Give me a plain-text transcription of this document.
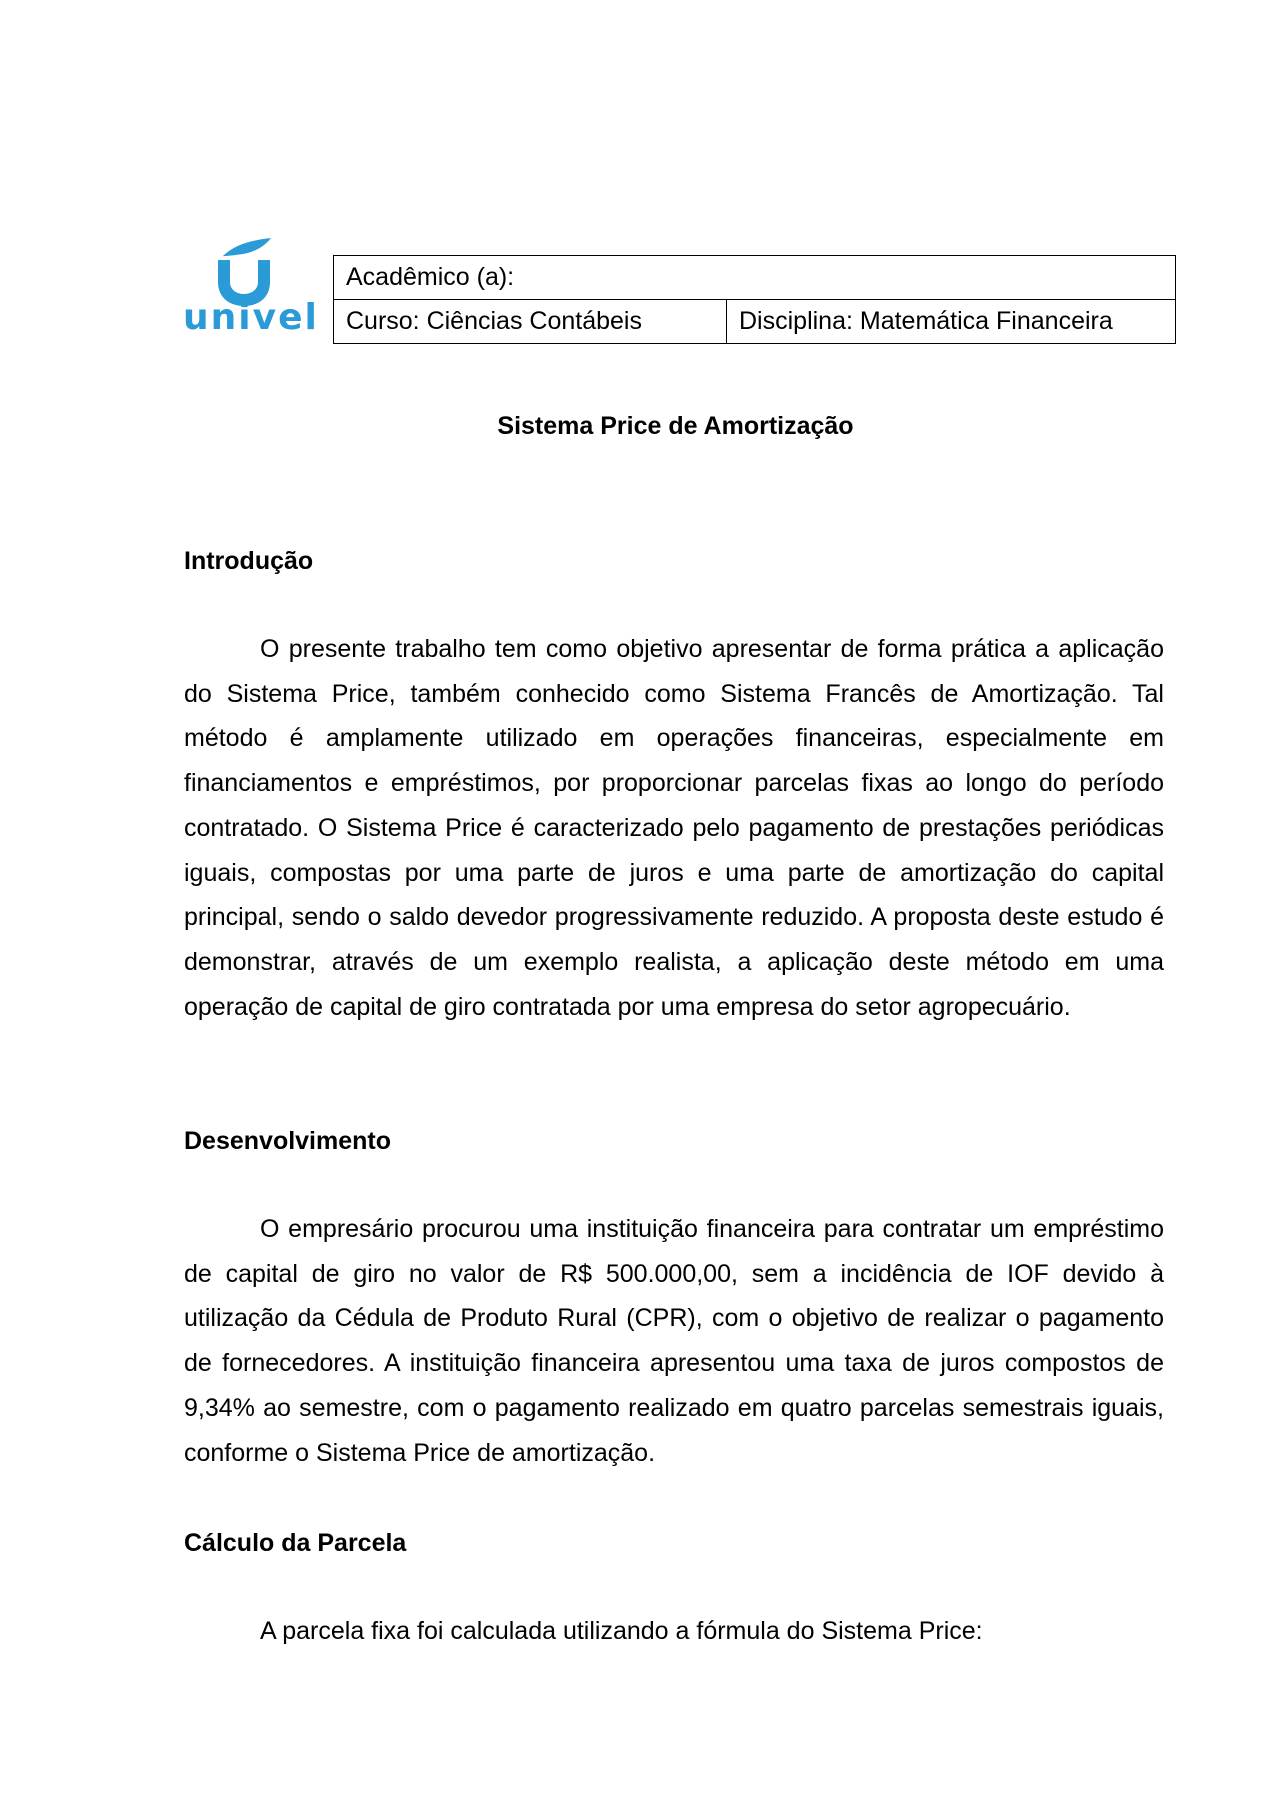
univel
Acadêmico (a):
Curso: Ciências Contábeis	Disciplina: Matemática Financeira
Sistema Price de Amortização
Introdução

O presente trabalho tem como objetivo apresentar de forma prática a aplicação do Sistema Price, também conhecido como Sistema Francês de Amortização. Tal método é amplamente utilizado em operações financeiras, especialmente em financiamentos e empréstimos, por proporcionar parcelas fixas ao longo do período contratado. O Sistema Price é caracterizado pelo pagamento de prestações periódicas iguais, compostas por uma parte de juros e uma parte de amortização do capital principal, sendo o saldo devedor progressivamente reduzido. A proposta deste estudo é demonstrar, através de um exemplo realista, a aplicação deste método em uma operação de capital de giro contratada por uma empresa do setor agropecuário.

Desenvolvimento

O empresário procurou uma instituição financeira para contratar um empréstimo de capital de giro no valor de R$ 500.000,00, sem a incidência de IOF devido à utilização da Cédula de Produto Rural (CPR), com o objetivo de realizar o pagamento de fornecedores. A instituição financeira apresentou uma taxa de juros compostos de 9,34% ao semestre, com o pagamento realizado em quatro parcelas semestrais iguais, conforme o Sistema Price de amortização.

Cálculo da Parcela

A parcela fixa foi calculada utilizando a fórmula do Sistema Price:
